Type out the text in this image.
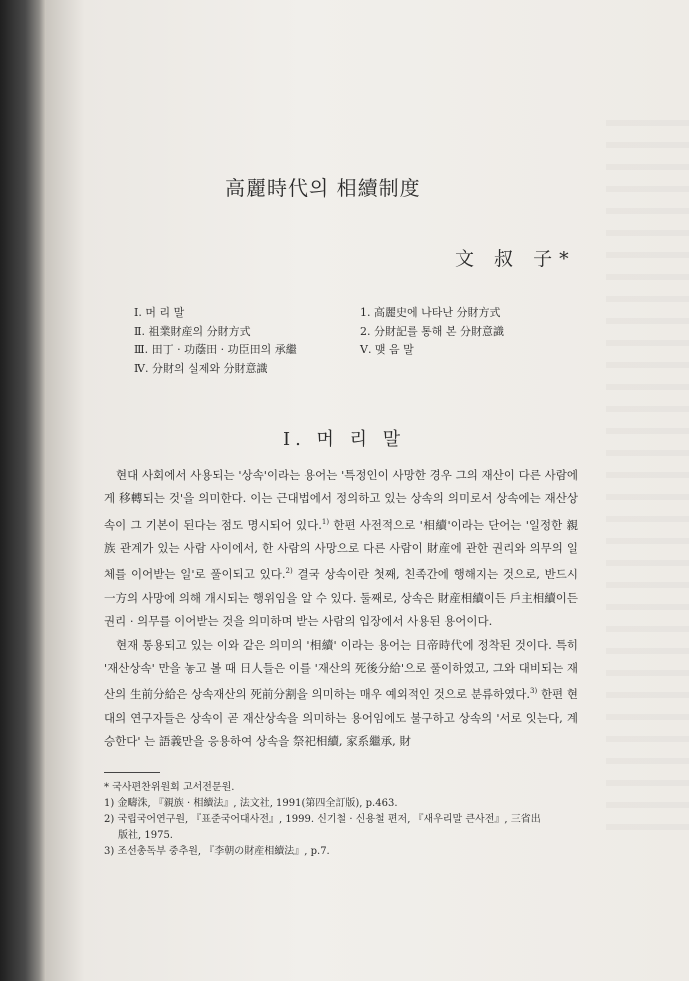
高麗時代의 相續制度
文 叔 子*
Ⅰ. 머 리 말
Ⅱ. 祖業財産의 分財方式
Ⅲ. 田丁 · 功蔭田 · 功臣田의 承繼
Ⅳ. 分財의 실제와 分財意識
1. 高麗史에 나타난 分財方式
2. 分財記를 통해 본 分財意識
Ⅴ. 맺 음 말
Ⅰ. 머 리 말

현대 사회에서 사용되는 '상속'이라는 용어는 '특정인이 사망한 경우 그의 재산이 다른 사람에게 移轉되는 것'을 의미한다. 이는 근대법에서 정의하고 있는 상속의 의미로서 상속에는 재산상속이 그 기본이 된다는 점도 명시되어 있다.$^{1)}$ 한편 사전적으로 '相續'이라는 단어는 '일정한 親族 관계가 있는 사람 사이에서, 한 사람의 사망으로 다른 사람이 財産에 관한 권리와 의무의 일체를 이어받는 일'로 풀이되고 있다.$^{2)}$ 결국 상속이란 첫째, 친족간에 행해지는 것으로, 반드시 一方의 사망에 의해 개시되는 행위임을 알 수 있다. 둘째로, 상속은 財産相續이든 戶主相續이든 권리 · 의무를 이어받는 것을 의미하며 받는 사람의 입장에서 사용된 용어이다.

현재 통용되고 있는 이와 같은 의미의 '相續' 이라는 용어는 日帝時代에 정착된 것이다. 특히 '재산상속' 만을 놓고 볼 때 日人들은 이를 '재산의 死後分給'으로 풀이하였고, 그와 대비되는 재산의 生前分給은 상속재산의 死前分割을 의미하는 매우 예외적인 것으로 분류하였다.$^{3)}$ 한편 현대의 연구자들은 상속이 곧 재산상속을 의미하는 용어임에도 불구하고 상속의 '서로 잇는다, 계승한다' 는 語義만을 응용하여 상속을 祭祀相續, 家系繼承, 財

* 국사편찬위원회 고서전문원.
1) 金疇洙, 『親族 · 相續法』, 法文社, 1991(第四全訂版), p.463.
2) 국립국어연구원, 『표준국어대사전』, 1999. 신기철 · 신용철 편저, 『새우리말 큰사전』, 三省出
版社, 1975.
3) 조선총독부 중추원, 『李朝の財産相續法』, p.7.
